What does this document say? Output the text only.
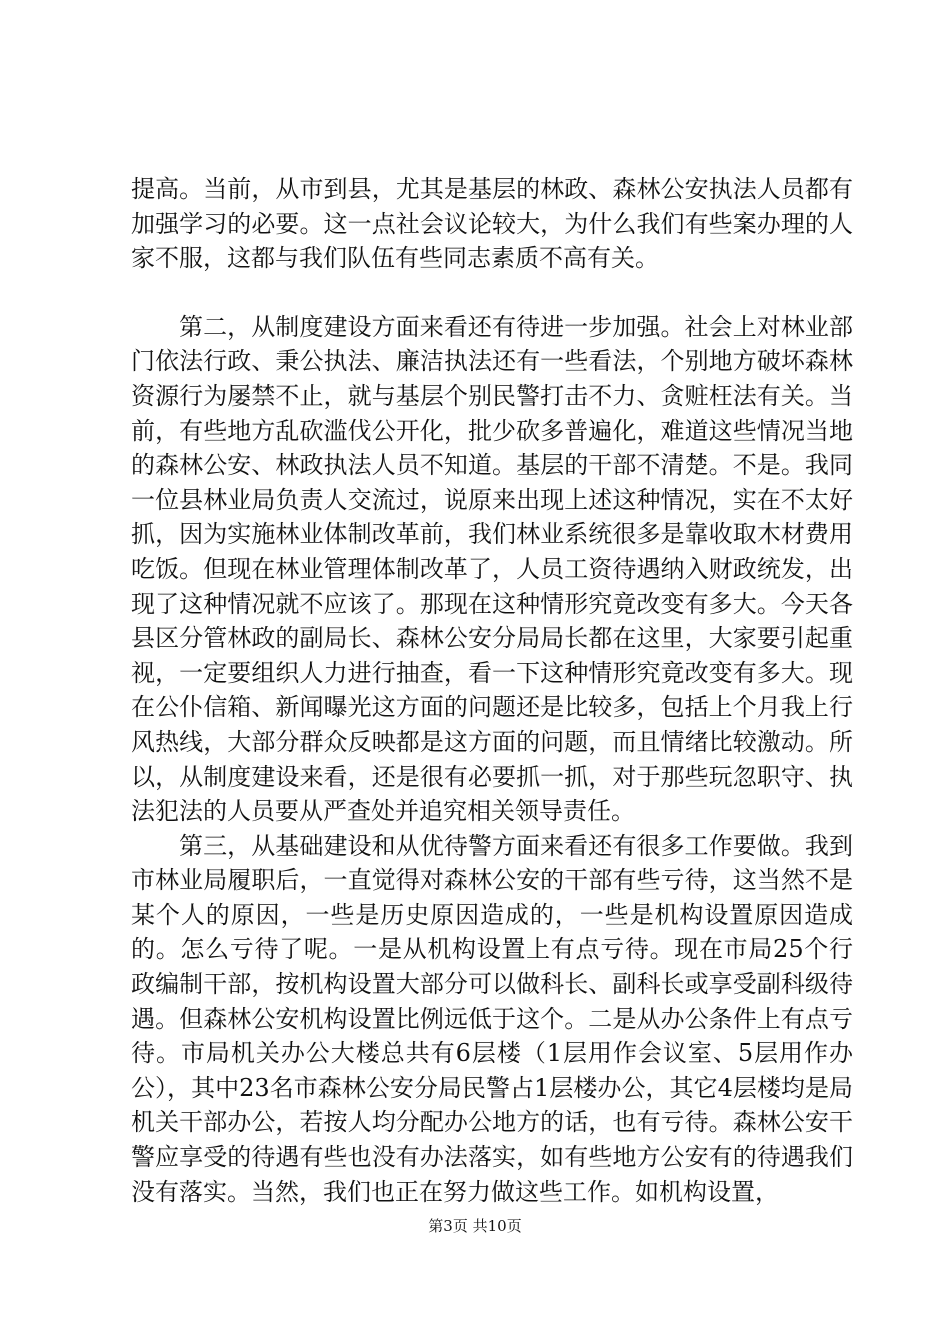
提高。当前，从市到县，尤其是基层的林政、森林公安执法人员都有加强学习的必要。这一点社会议论较大，为什么我们有些案办理的人家不服，这都与我们队伍有些同志素质不高有关。

第二，从制度建设方面来看还有待进一步加强。社会上对林业部门依法行政、秉公执法、廉洁执法还有一些看法，个别地方破坏森林资源行为屡禁不止，就与基层个别民警打击不力、贪赃枉法有关。当前，有些地方乱砍滥伐公开化，批少砍多普遍化，难道这些情况当地的森林公安、林政执法人员不知道。基层的干部不清楚。不是。我同一位县林业局负责人交流过，说原来出现上述这种情况，实在不太好抓，因为实施林业体制改革前，我们林业系统很多是靠收取木材费用吃饭。但现在林业管理体制改革了，人员工资待遇纳入财政统发，出现了这种情况就不应该了。那现在这种情形究竟改变有多大。今天各县区分管林政的副局长、森林公安分局局长都在这里，大家要引起重视，一定要组织人力进行抽查，看一下这种情形究竟改变有多大。现在公仆信箱、新闻曝光这方面的问题还是比较多，包括上个月我上行风热线，大部分群众反映都是这方面的问题，而且情绪比较激动。所以，从制度建设来看，还是很有必要抓一抓，对于那些玩忽职守、执法犯法的人员要从严查处并追究相关领导责任。

第三，从基础建设和从优待警方面来看还有很多工作要做。我到市林业局履职后，一直觉得对森林公安的干部有些亏待，这当然不是某个人的原因，一些是历史原因造成的，一些是机构设置原因造成的。怎么亏待了呢。一是从机构设置上有点亏待。现在市局25个行政编制干部，按机构设置大部分可以做科长、副科长或享受副科级待遇。但森林公安机构设置比例远低于这个。二是从办公条件上有点亏待。市局机关办公大楼总共有6层楼（1层用作会议室、5层用作办公），其中23名市森林公安分局民警占1层楼办公，其它4层楼均是局机关干部办公，若按人均分配办公地方的话，也有亏待。森林公安干警应享受的待遇有些也没有办法落实，如有些地方公安有的待遇我们没有落实。当然，我们也正在努力做这些工作。如机构设置，

第3页 共10页
